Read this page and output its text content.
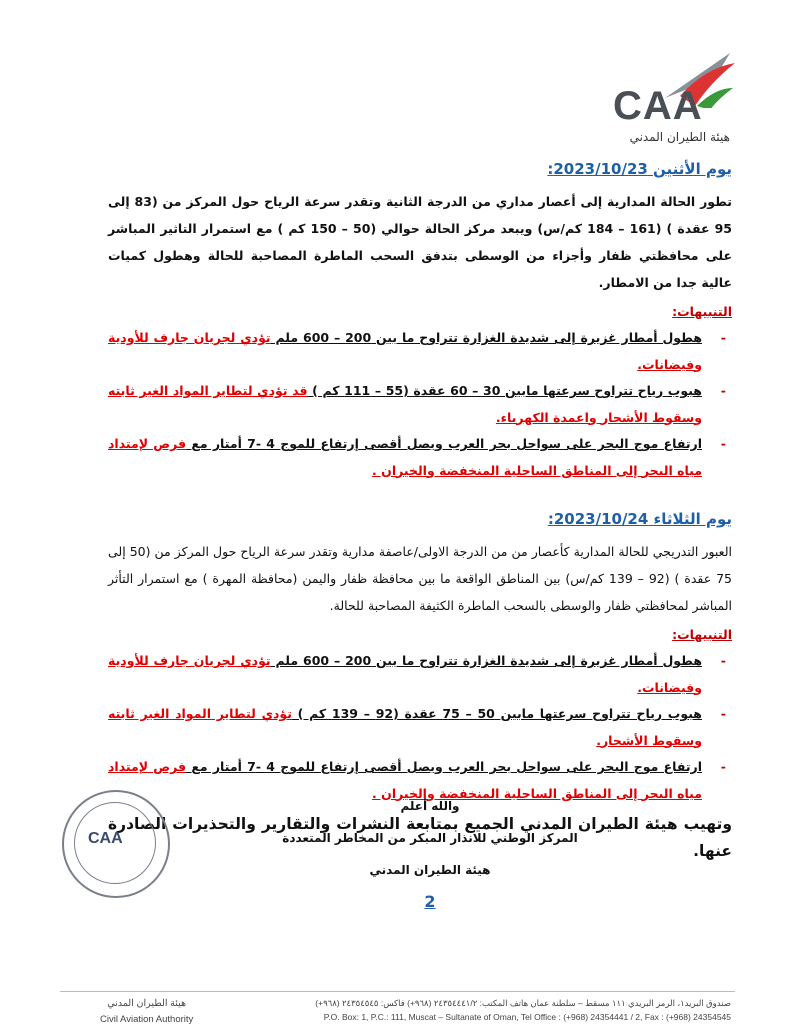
CAA
هيئة الطيران المدني
يوم الأثنين 2023/10/23:

تطور الحالة المدارية إلى أعصار مداري من الدرجة الثانية وتقدر سرعة الرياح حول المركز من (83 إلى 95 عقدة ) (161 – 184 كم/س) ويبعد مركز الحالة حوالي (50 – 150 كم ) مع استمرار التاثير المباشر على محافظتي ظفار وأجزاء من الوسطى بتدفق السحب الماطرة المصاحبة للحالة وهطول كميات عالية جدا من الامطار.

التنبيهات:
-
هطول أمطار غزيرة إلى شديدة الغزارة تتراوح ما بين 200 – 600 ملم تؤدي لجريان جارف للأودية وفيضانات.
-
هبوب رياح تتراوح سرعتها مابين 30 – 60 عقدة (55 – 111 كم ) قد تؤدي لتطاير المواد الغير ثابته وسقوط الأشجار واعمدة الكهرباء.
-
ارتفاع موج البحر على سواحل بحر العرب ويصل أقصى إرتفاع للموج 4 -7 أمتار مع فرص لإمتداد مياه البحر إلى المناطق الساحلية المنخفضة والخيران .
يوم الثلاثاء 2023/10/24:

العبور التدريجي للحالة المدارية كأعصار من من الدرجة الاولى/عاصفة مدارية وتقدر سرعة الرياح حول المركز من (50 إلى 75 عقدة ) (92 – 139 كم/س) بين المناطق الواقعة ما بين محافظة ظفار واليمن (محافظة المهرة ) مع استمرار التأثر المباشر لمحافظتي ظفار والوسطى بالسحب الماطرة الكثيفة المصاحبة للحالة.

التنبيهات:
-
هطول أمطار غزيرة إلى شديدة الغزارة تتراوح ما بين 200 – 600 ملم تؤدي لجريان جارف للأودية وفيضانات.
-
هبوب رياح تتراوح سرعتها مابين 50 – 75 عقدة (92 – 139 كم ) تؤدي لتطاير المواد الغير ثابته وسقوط الأشجار.
-
ارتفاع موج البحر على سواحل بحر العرب ويصل أقصى إرتفاع للموج 4 -7 أمتار مع فرص لإمتداد مياه البحر إلى المناطق الساحلية المنخفضة والخيران .
وتهيب هيئة الطيران المدني الجميع بمتابعة النشرات والتقارير والتحذيرات الصادرة عنها.
CAA
والله أعلم
المركز الوطني للانذار المبكر من المخاطر المتعددة
هيئة الطيران المدني
2
صندوق البريد١، الرمز البريدي ١١١ مسقط – سلطنة عمان هاتف المكتب: ٢٤٣٥٤٤٤١/٢ (٩٦٨+) فاكس: ٢٤٣٥٤٥٤٥ (٩٦٨+)
P.O. Box: 1, P.C.: 111, Muscat – Sultanate of Oman, Tel Office : (+968) 24354441 / 2, Fax : (+968) 24354545
هيئة الطيران المدني
Civil Aviation Authority
